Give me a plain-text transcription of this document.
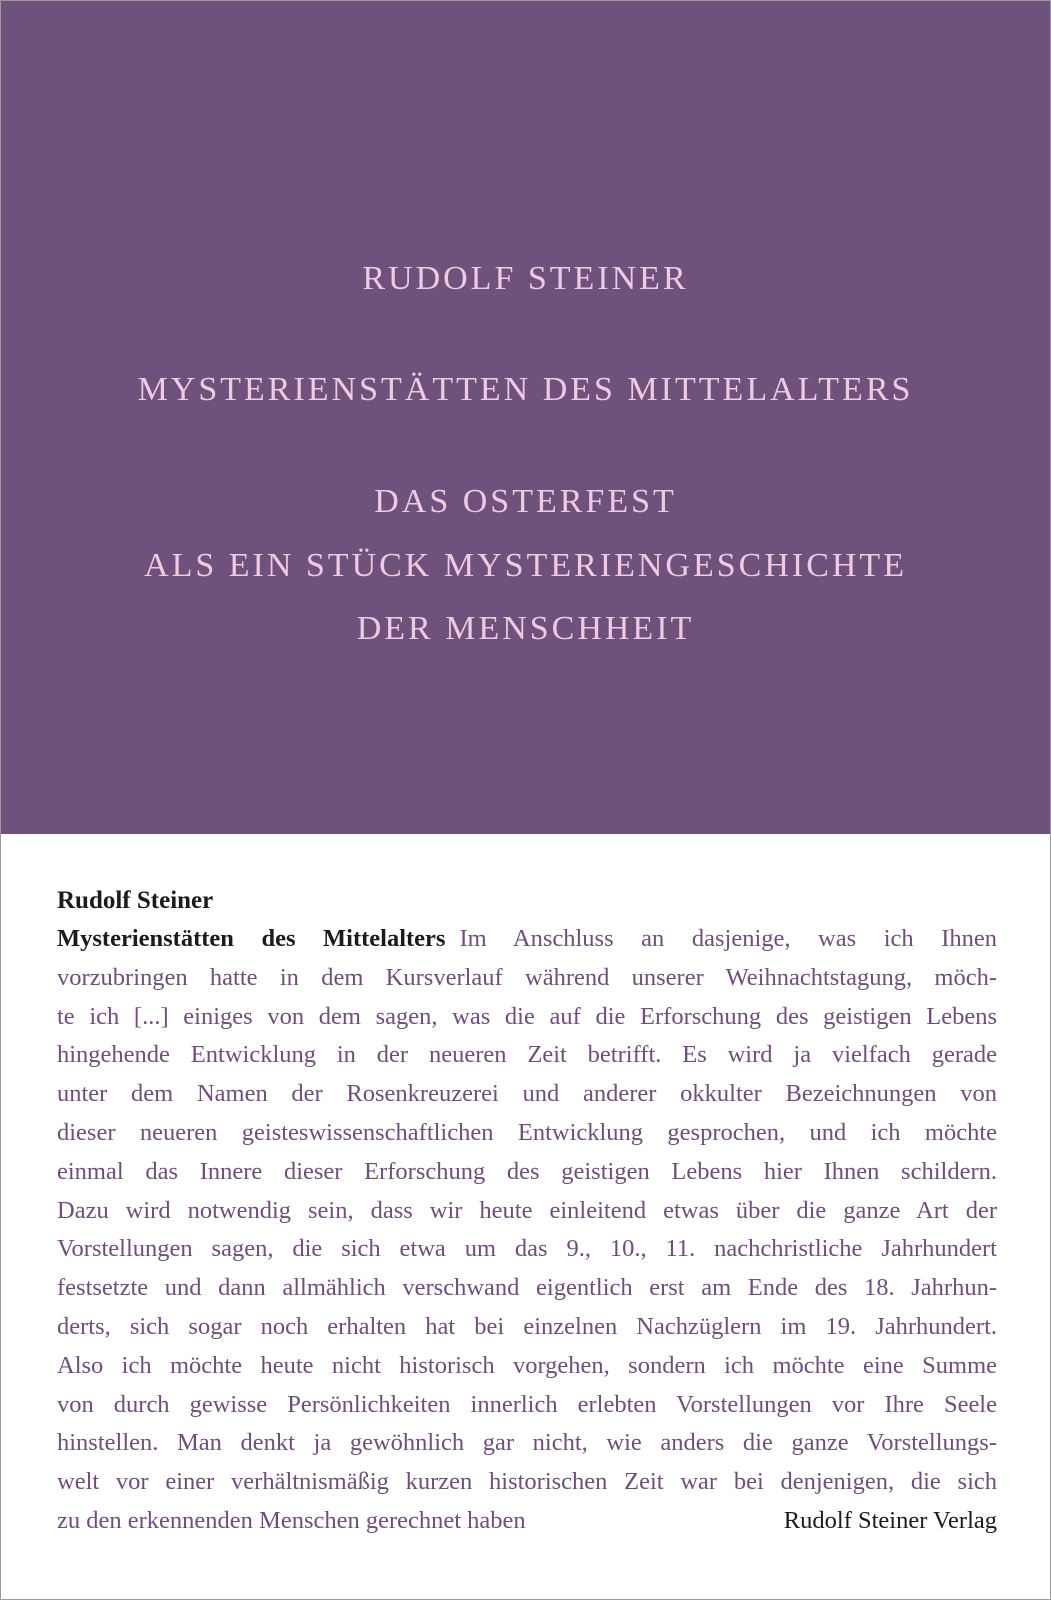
RUDOLF STEINER
MYSTERIENSTÄTTEN DES MITTELALTERS
DAS OSTERFEST
ALS EIN STÜCK MYSTERIENGESCHICHTE
DER MENSCHHEIT
Rudolf Steiner
Mysterienstätten des Mittelalters Im Anschluss an dasjenige, was ich Ihnen
vorzubringen hatte in dem Kursverlauf während unserer Weihnachtstagung, möch-
te ich [...] einiges von dem sagen, was die auf die Erforschung des geistigen Lebens
hingehende Entwicklung in der neueren Zeit betrifft. Es wird ja vielfach gerade
unter dem Namen der Rosenkreuzerei und anderer okkulter Bezeichnungen von
dieser neueren geisteswissenschaftlichen Entwicklung gesprochen, und ich möchte
einmal das Innere dieser Erforschung des geistigen Lebens hier Ihnen schildern.
Dazu wird notwendig sein, dass wir heute einleitend etwas über die ganze Art der
Vorstellungen sagen, die sich etwa um das 9., 10., 11. nachchristliche Jahrhundert
festsetzte und dann allmählich verschwand eigentlich erst am Ende des 18. Jahrhun-
derts, sich sogar noch erhalten hat bei einzelnen Nachzüglern im 19. Jahrhundert.
Also ich möchte heute nicht historisch vorgehen, sondern ich möchte eine Summe
von durch gewisse Persönlichkeiten innerlich erlebten Vorstellungen vor Ihre Seele
hinstellen. Man denkt ja gewöhnlich gar nicht, wie anders die ganze Vorstellungs-
welt vor einer verhältnismäßig kurzen historischen Zeit war bei denjenigen, die sich
zu den erkennenden Menschen gerechnet haben	Rudolf Steiner Verlag
